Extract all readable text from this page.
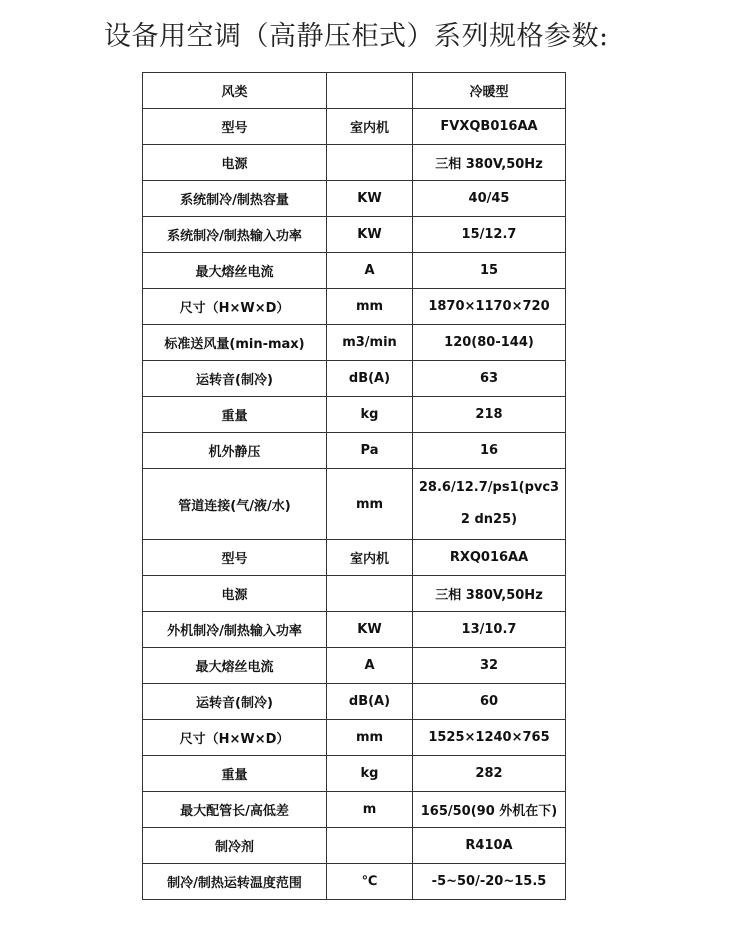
设备用空调（高静压柜式）系列规格参数:
风类		冷暖型
型号	室内机	FVXQB016AA
电源		三相 380V,50Hz
系统制冷/制热容量	KW	40/45
系统制冷/制热输入功率	KW	15/12.7
最大熔丝电流	A	15
尺寸（H×W×D）	mm	1870×1170×720
标准送风量(min-max)	m3/min	120(80-144)
运转音(制冷)	dB(A)	63
重量	kg	218
机外静压	Pa	16
管道连接(气/液/水)	mm	28.6/12.7/ps1(pvc32 dn25)
型号	室内机	RXQ016AA
电源		三相 380V,50Hz
外机制冷/制热输入功率	KW	13/10.7
最大熔丝电流	A	32
运转音(制冷)	dB(A)	60
尺寸（H×W×D）	mm	1525×1240×765
重量	kg	282
最大配管长/高低差	m	165/50(90 外机在下)
制冷剂		R410A
制冷/制热运转温度范围	℃	-5~50/-20~15.5
